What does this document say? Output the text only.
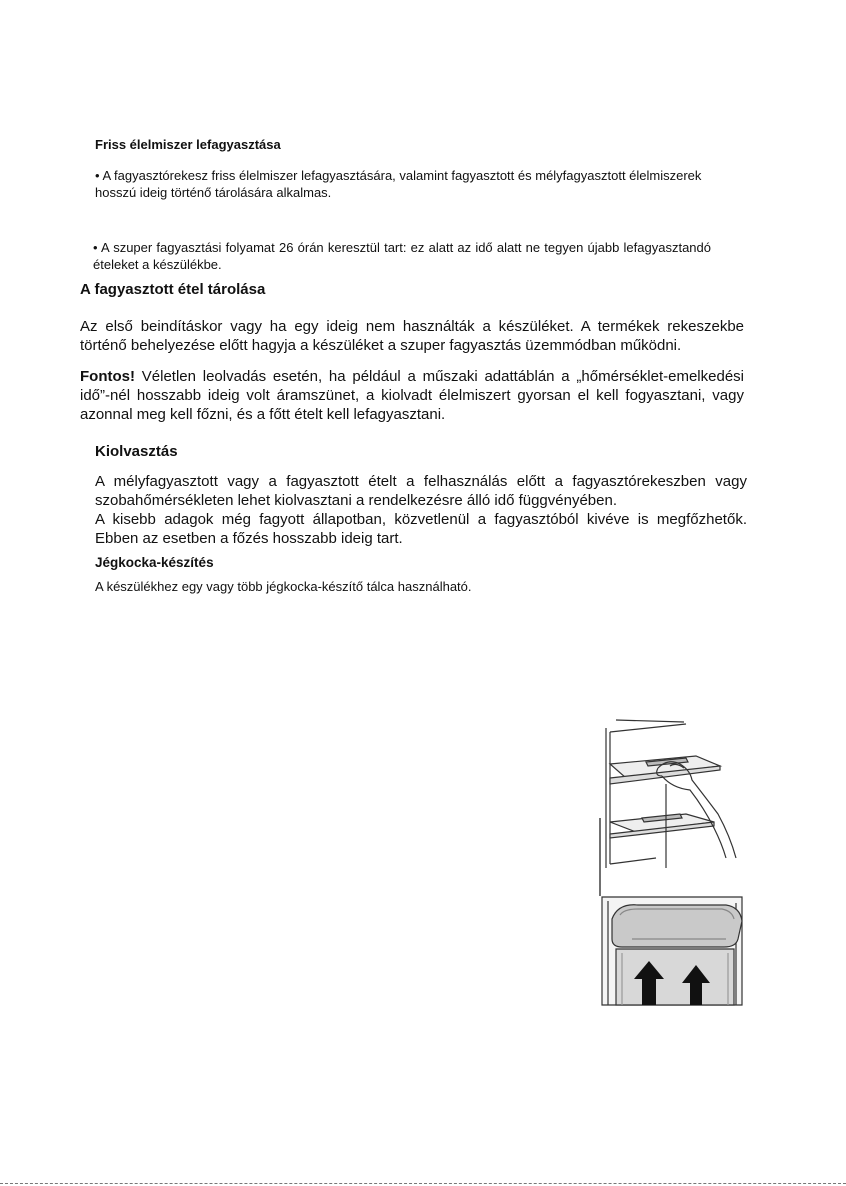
Friss élelmiszer lefagyasztása
• A fagyasztórekesz friss élelmiszer lefagyasztására, valamint fagyasztott és mélyfagyasztott élelmiszerek hosszú ideig történő tárolására alkalmas.
• A szuper fagyasztási folyamat 26 órán keresztül tart: ez alatt az idő alatt ne tegyen újabb lefagyasztandó ételeket a készülékbe.
A fagyasztott étel tárolása
Az első beindításkor vagy ha egy ideig nem használták a készüléket. A termékek rekeszekbe történő behelyezése előtt hagyja a készüléket a szuper fagyasztás üzemmódban működni.
Fontos! Véletlen leolvadás esetén, ha például a műszaki adattáblán a „hőmérséklet-emelkedési idő”-nél hosszabb ideig volt áramszünet, a kiolvadt élelmiszert gyorsan el kell fogyasztani, vagy azonnal meg kell főzni, és a főtt ételt kell lefagyasztani.
Kiolvasztás
A mélyfagyasztott vagy a fagyasztott ételt a felhasználás előtt a fagyasztórekeszben vagy szobahőmérsékleten lehet kiolvasztani a rendelkezésre álló idő függvényében.
A kisebb adagok még fagyott állapotban, közvetlenül a fagyasztóból kivéve is megfőzhetők. Ebben az esetben a főzés hosszabb ideig tart.
Jégkocka-készítés
A készülékhez egy vagy több jégkocka-készítő tálca használható.
